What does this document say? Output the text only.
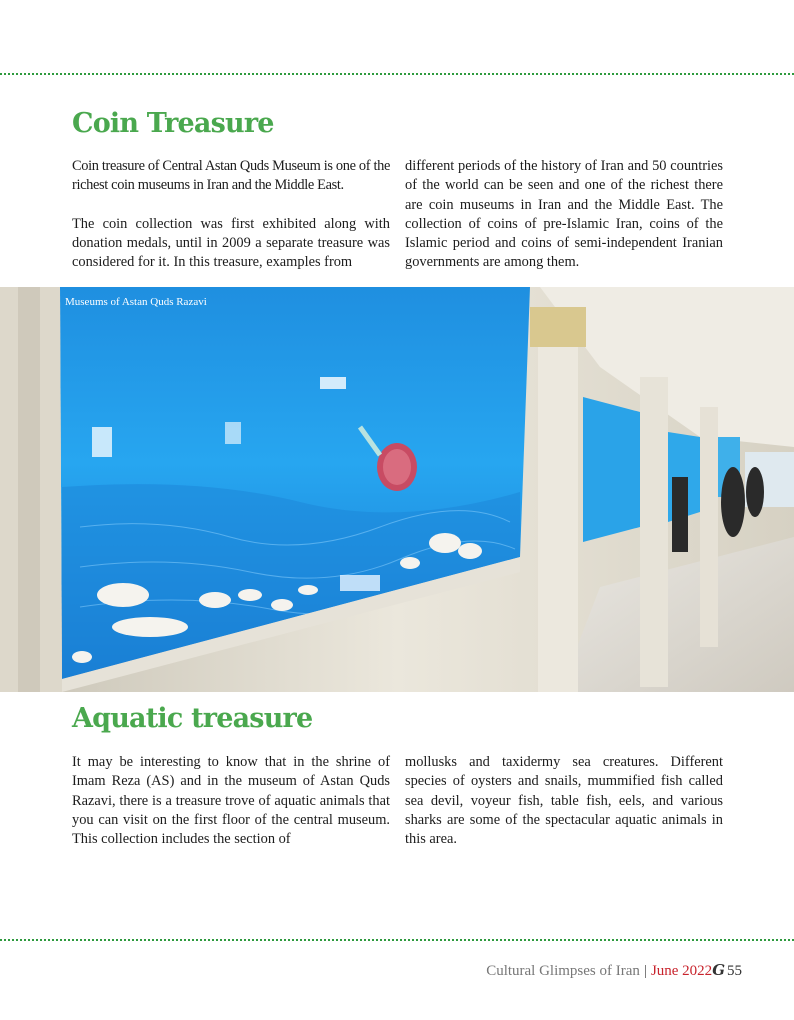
Coin Treasure

Coin treasure of Central Astan Quds Museum is one of the richest coin museums in Iran and the Middle East.

The coin collection was first exhibited along with donation medals, until in 2009 a separate treasure was considered for it. In this treasure, examples from

different periods of the history of Iran and 50 countries of the world can be seen and one of the richest there are coin museums in Iran and the Middle East. The collection of coins of pre-Islamic Iran, coins of the Islamic period and coins of semi-independent Iranian governments are among them.

Museums of Astan Quds Razavi
Aquatic treasure

It may be interesting to know that in the shrine of Imam Reza (AS) and in the museum of Astan Quds Razavi, there is a treasure trove of aquatic animals that you can visit on the first floor of the central museum. This collection includes the section of

mollusks and taxidermy sea creatures. Different species of oysters and snails, mummified fish called sea devil, voyeur fish, table fish, eels, and various sharks are some of the spectacular aquatic animals in this area.

Cultural Glimpses of Iran | June 2022G 55
